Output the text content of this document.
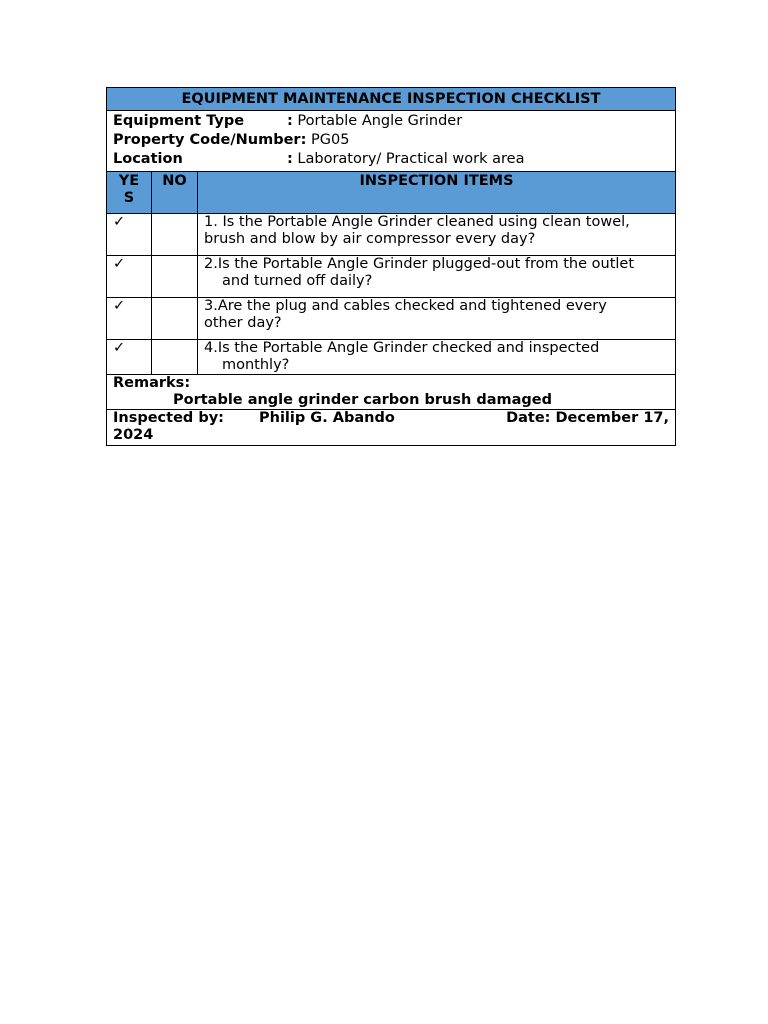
EQUIPMENT MAINTENANCE INSPECTION CHECKLIST		

Equipment Type : Portable Angle Grinder
Property Code/Number: PG05
Location : Laboratory/ Practical work area		

YE
S	NO	INSPECTION ITEMS

✓		1. Is the Portable Angle Grinder cleaned using clean towel,
brush and blow by air compressor every day?

✓		2.Is the Portable Angle Grinder plugged-out from the outlet
and turned off daily?

✓		3.Are the plug and cables checked and tightened every
other day?

✓		4.Is the Portable Angle Grinder checked and inspected
monthly?

Remarks:
Portable angle grinder carbon brush damaged		

Inspected by: Philip G. Abando Date: December 17,
2024		
